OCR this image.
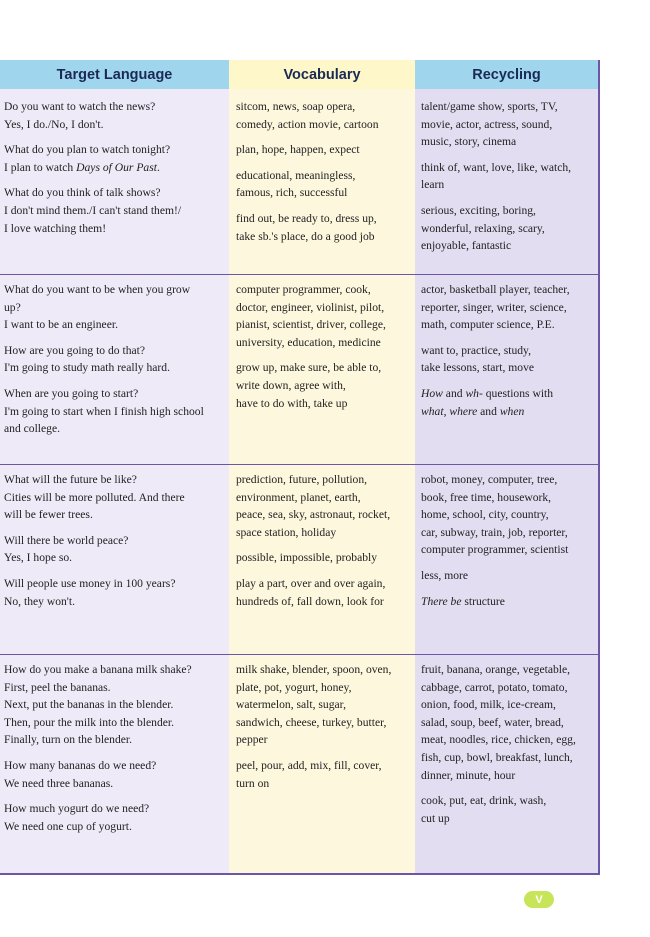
Target Language	Vocabulary	Recycling

Do you want to watch the news?
Yes, I do./No, I don't.

What do you plan to watch tonight?
I plan to watch Days of Our Past.

What do you think of talk shows?
I don't mind them./I can't stand them!/
I love watching them!

sitcom, news, soap opera,
comedy, action movie, cartoon

plan, hope, happen, expect

educational, meaningless,
famous, rich, successful

find out, be ready to, dress up,
take sb.'s place, do a good job

talent/game show, sports, TV,
movie, actor, actress, sound,
music, story, cinema

think of, want, love, like, watch,
learn

serious, exciting, boring,
wonderful, relaxing, scary,
enjoyable, fantastic

What do you want to be when you grow
up?
I want to be an engineer.

How are you going to do that?
I'm going to study math really hard.

When are you going to start?
I'm going to start when I finish high school
and college.

computer programmer, cook,
doctor, engineer, violinist, pilot,
pianist, scientist, driver, college,
university, education, medicine

grow up, make sure, be able to,
write down, agree with,
have to do with, take up

actor, basketball player, teacher,
reporter, singer, writer, science,
math, computer science, P.E.

want to, practice, study,
take lessons, start, move

How and wh- questions with
what, where and when

What will the future be like?
Cities will be more polluted. And there
will be fewer trees.

Will there be world peace?
Yes, I hope so.

Will people use money in 100 years?
No, they won't.

prediction, future, pollution,
environment, planet, earth,
peace, sea, sky, astronaut, rocket,
space station, holiday

possible, impossible, probably

play a part, over and over again,
hundreds of, fall down, look for

robot, money, computer, tree,
book, free time, housework,
home, school, city, country,
car, subway, train, job, reporter,
computer programmer, scientist

less, more

There be structure

How do you make a banana milk shake?
First, peel the bananas.
Next, put the bananas in the blender.
Then, pour the milk into the blender.
Finally, turn on the blender.

How many bananas do we need?
We need three bananas.

How much yogurt do we need?
We need one cup of yogurt.

milk shake, blender, spoon, oven,
plate, pot, yogurt, honey,
watermelon, salt, sugar,
sandwich, cheese, turkey, butter,
pepper

peel, pour, add, mix, fill, cover,
turn on

fruit, banana, orange, vegetable,
cabbage, carrot, potato, tomato,
onion, food, milk, ice-cream,
salad, soup, beef, water, bread,
meat, noodles, rice, chicken, egg,
fish, cup, bowl, breakfast, lunch,
dinner, minute, hour

cook, put, eat, drink, wash,
cut up

V
